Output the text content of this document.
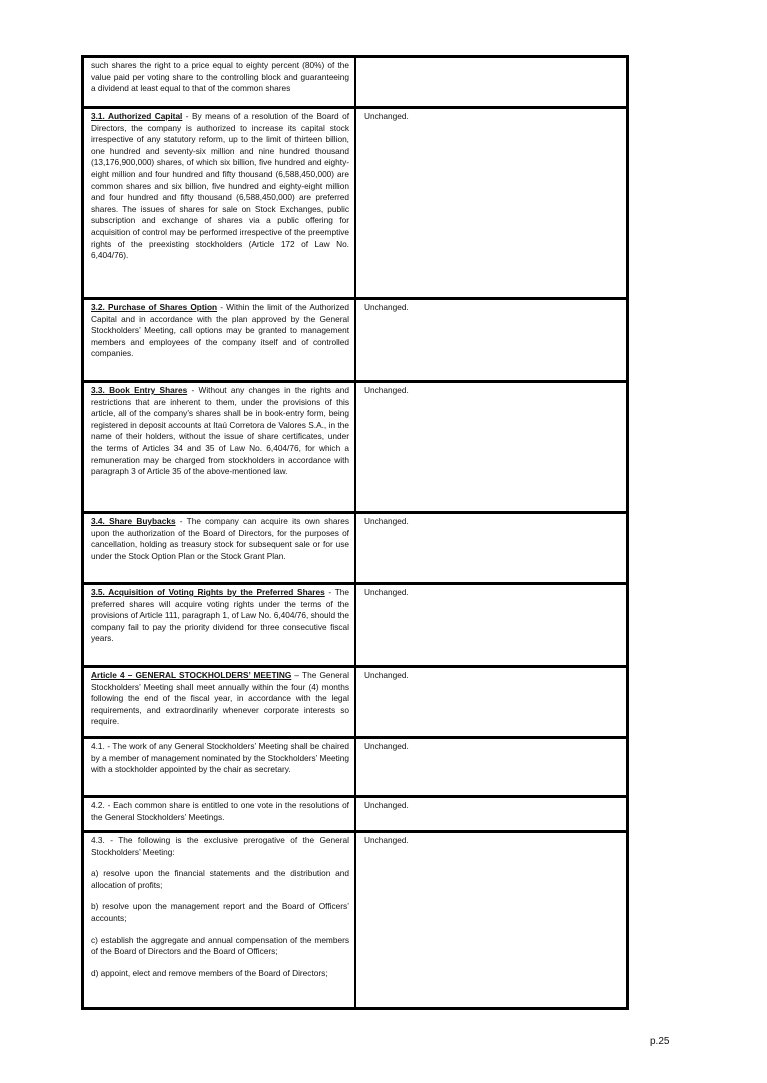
such shares the right to a price equal to eighty percent (80%) of the value paid per voting share to the controlling block and guaranteeing a dividend at least equal to that of the common shares	
3.1. Authorized Capital - By means of a resolution of the Board of Directors, the company is authorized to increase its capital stock irrespective of any statutory reform, up to the limit of thirteen billion, one hundred and seventy-six million and nine hundred thousand (13,176,900,000) shares, of which six billion, five hundred and eighty-eight million and four hundred and fifty thousand (6,588,450,000) are common shares and six billion, five hundred and eighty-eight million and four hundred and fifty thousand (6,588,450,000) are preferred shares. The issues of shares for sale on Stock Exchanges, public subscription and exchange of shares via a public offering for acquisition of control may be performed irrespective of the preemptive rights of the preexisting stockholders (Article 172 of Law No. 6,404/76).	Unchanged.
3.2. Purchase of Shares Option - Within the limit of the Authorized Capital and in accordance with the plan approved by the General Stockholders’ Meeting, call options may be granted to management members and employees of the company itself and of controlled companies.	Unchanged.
3.3. Book Entry Shares - Without any changes in the rights and restrictions that are inherent to them, under the provisions of this article, all of the company’s shares shall be in book-entry form, being registered in deposit accounts at Itaú Corretora de Valores S.A., in the name of their holders, without the issue of share certificates, under the terms of Articles 34 and 35 of Law No. 6,404/76, for which a remuneration may be charged from stockholders in accordance with paragraph 3 of Article 35 of the above-mentioned law.	Unchanged.
3.4. Share Buybacks - The company can acquire its own shares upon the authorization of the Board of Directors, for the purposes of cancellation, holding as treasury stock for subsequent sale or for use under the Stock Option Plan or the Stock Grant Plan.	Unchanged.
3.5. Acquisition of Voting Rights by the Preferred Shares - The preferred shares will acquire voting rights under the terms of the provisions of Article 111, paragraph 1, of Law No. 6,404/76, should the company fail to pay the priority dividend for three consecutive fiscal years.	Unchanged.
Article 4 – GENERAL STOCKHOLDERS’ MEETING – The General Stockholders’ Meeting shall meet annually within the four (4) months following the end of the fiscal year, in accordance with the legal requirements, and extraordinarily whenever corporate interests so require.	Unchanged.
4.1. - The work of any General Stockholders’ Meeting shall be chaired by a member of management nominated by the Stockholders’ Meeting with a stockholder appointed by the chair as secretary.	Unchanged.
4.2. - Each common share is entitled to one vote in the resolutions of the General Stockholders’ Meetings.	Unchanged.
4.3. - The following is the exclusive prerogative of the General Stockholders’ Meeting:
a) resolve upon the financial statements and the distribution and allocation of profits;
b) resolve upon the management report and the Board of Officers’ accounts;
c) establish the aggregate and annual compensation of the members of the Board of Directors and the Board of Officers;
d) appoint, elect and remove members of the Board of Directors;	Unchanged.
p.25
